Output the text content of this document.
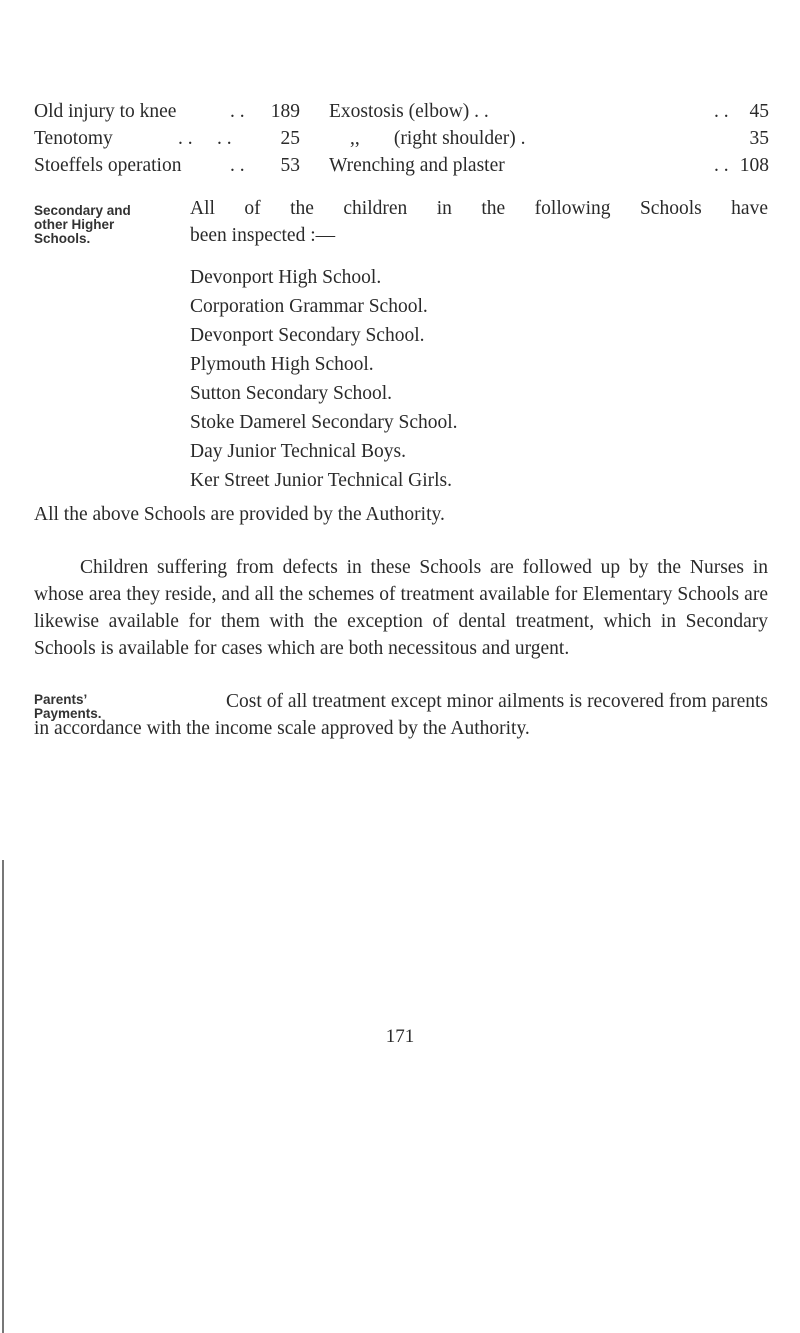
Old injury to knee	. .	189 Exostosis (elbow) . .	. . 45
Tenotomy	. .     . .	25	,,       (right shoulder) .	35
Stoeffels operation . .	53 Wrenching and plaster	. . 108
Secondary and
other Higher
Schools.
All of the children in the following Schools have
been inspected :—
Devonport High School.
Corporation Grammar School.
Devonport Secondary School.
Plymouth High School.
Sutton Secondary School.
Stoke Damerel Secondary School.
Day Junior Technical Boys.
Ker Street Junior Technical Girls.

All the above Schools are provided by the Authority.

Children suffering from defects in these Schools are followed up by the Nurses in whose area they reside, and all the schemes of treatment available for Elementary Schools are likewise available for them with the exception of dental treatment, which in Secondary Schools is available for cases which are both necessitous and urgent.

Parents’
Payments.

Cost of all treatment except minor ailments is recovered from parents in accordance with the income scale approved by the Authority.

171
